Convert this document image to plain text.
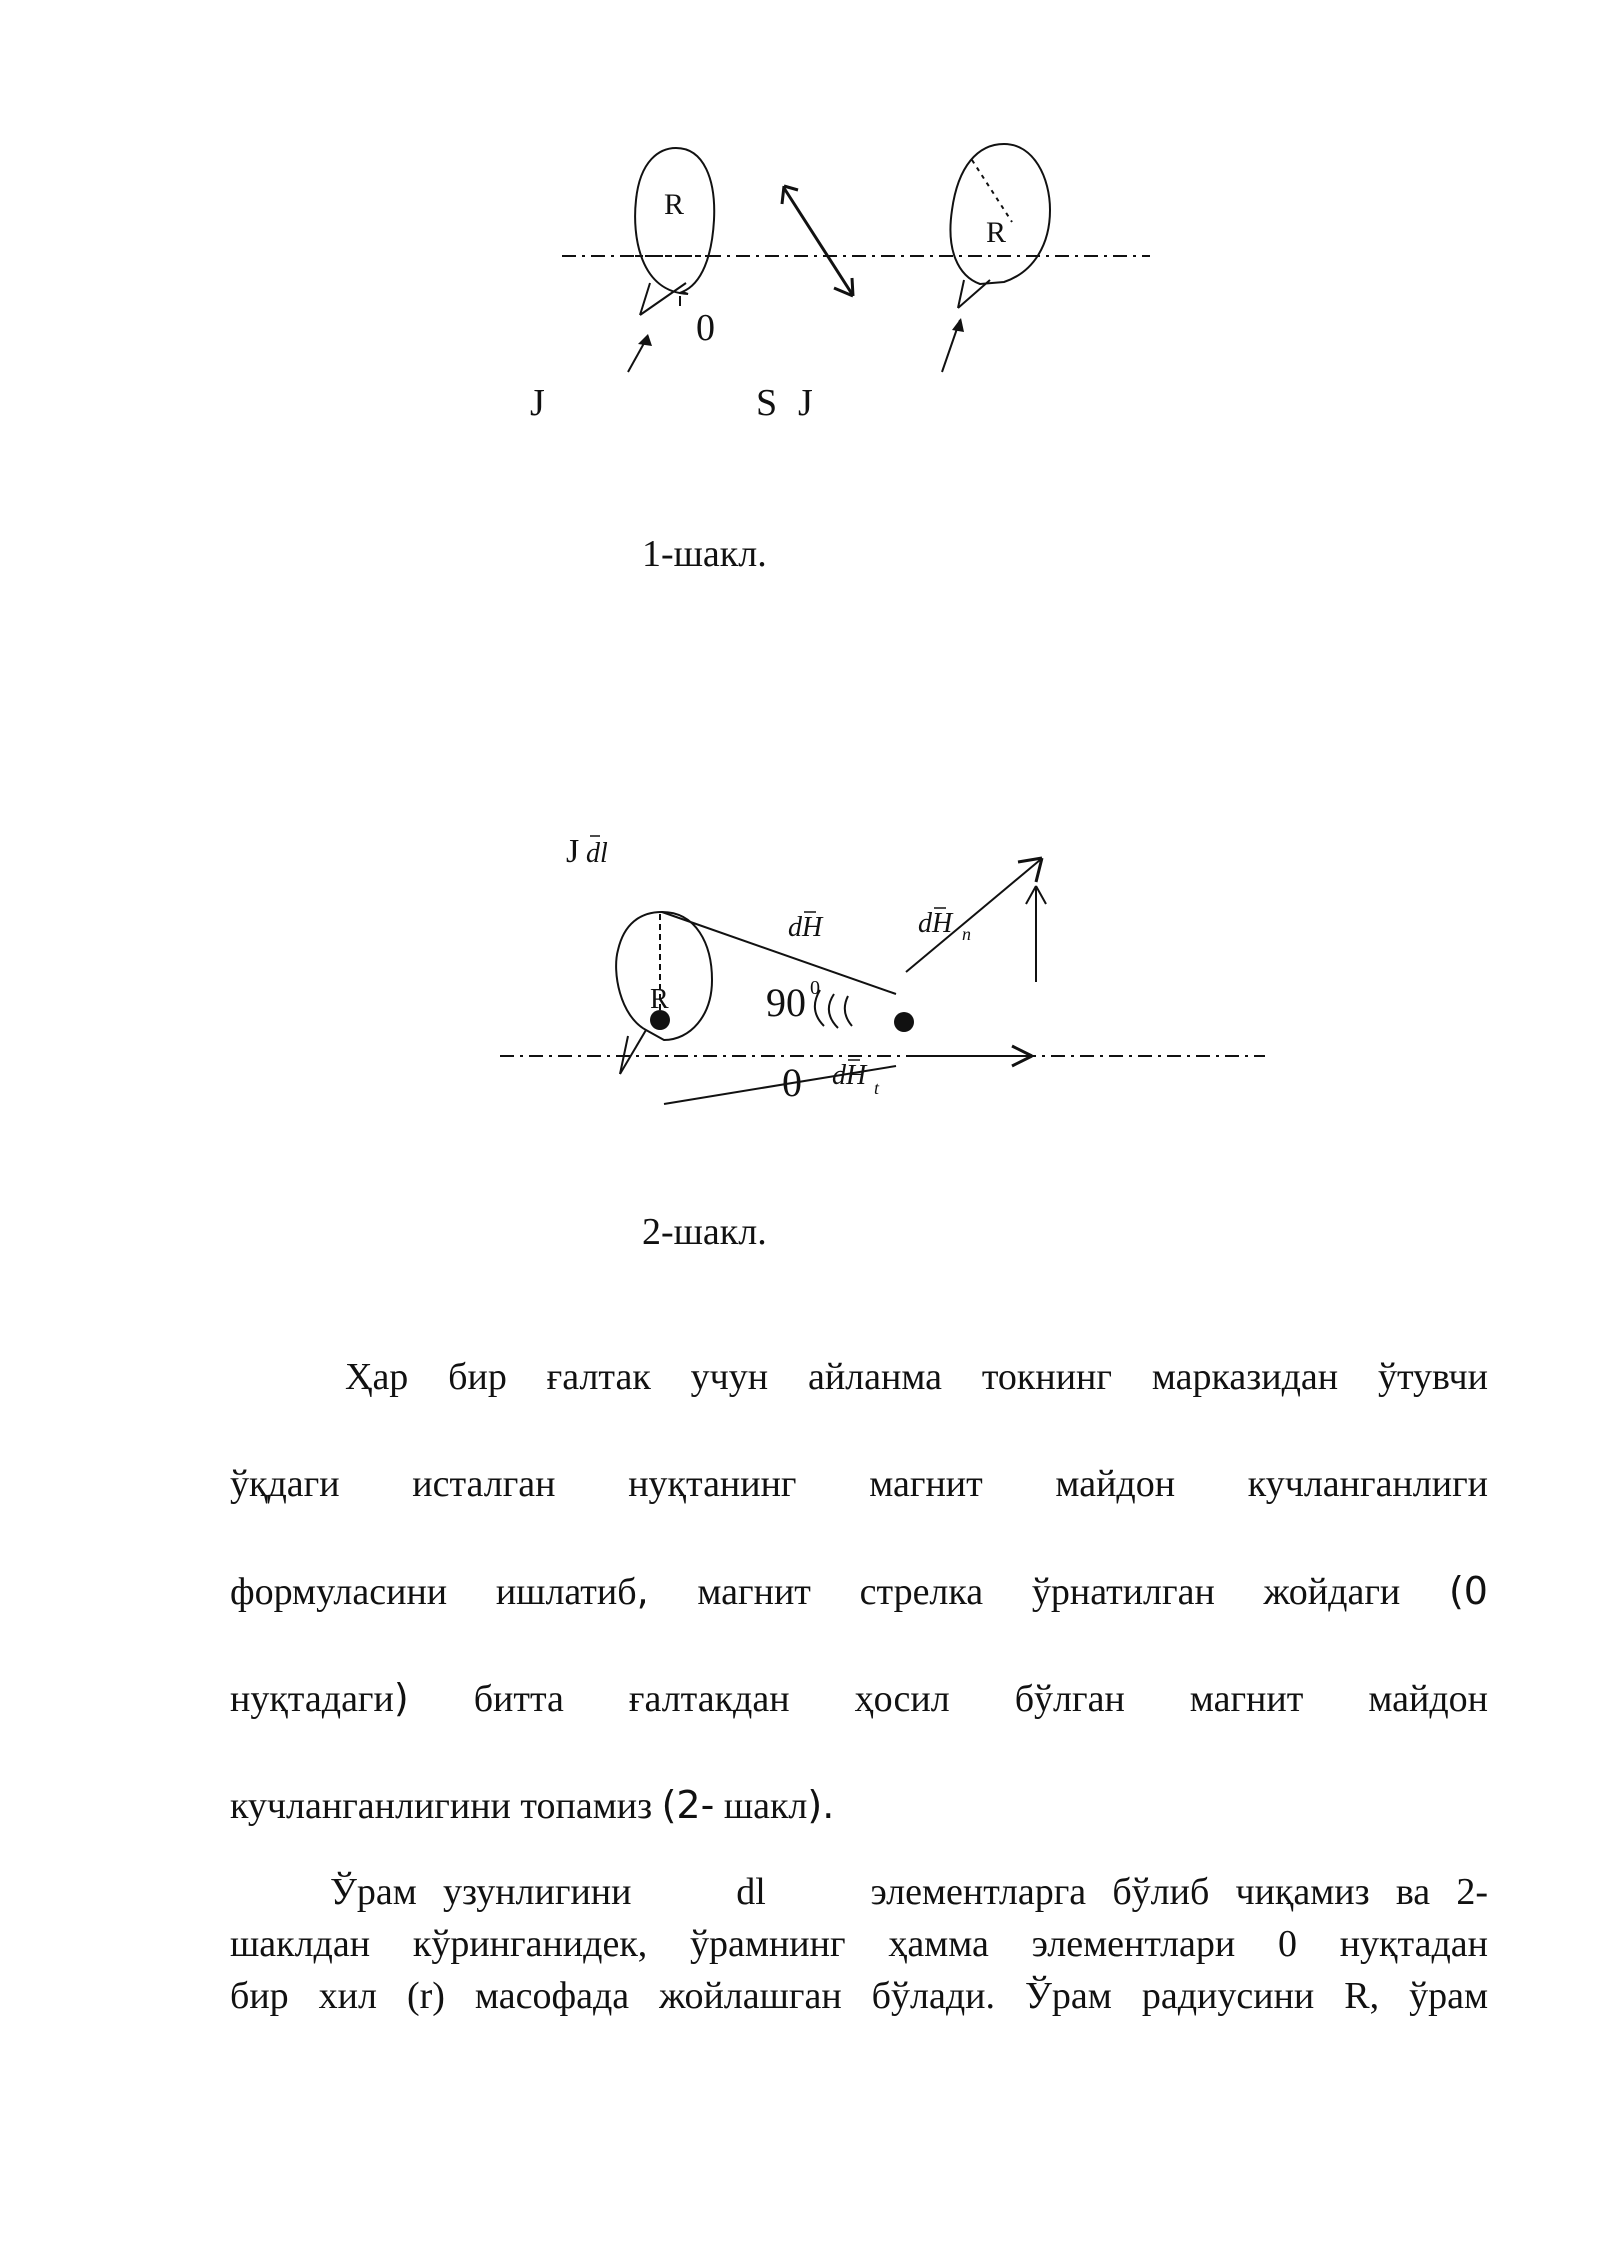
R
R
0
J	S J
1-шакл.
J dl
dH	dH n
R 90 0
0 dH t
2-шакл.
Ҳар бир ғалтак учун айланма токнинг марказидан ўтувчи
ўқдаги исталган нуқтанинг магнит майдон кучланганлиги
формуласини ишлатиб, магнит стрелка ўрнатилган жойдаги (0
нуқтадаги) битта ғалтакдан ҳосил бўлган магнит майдон
кучланганлигини топамиз (2- шакл).
Ўрам узунлигини    dl    элементларга бўлиб чиқамиз ва 2-
шаклдан кўринганидек, ўрамнинг ҳамма элементлари 0 нуқтадан
бир хил (r) масофада жойлашган бўлади. Ўрам радиусини R, ўрам
